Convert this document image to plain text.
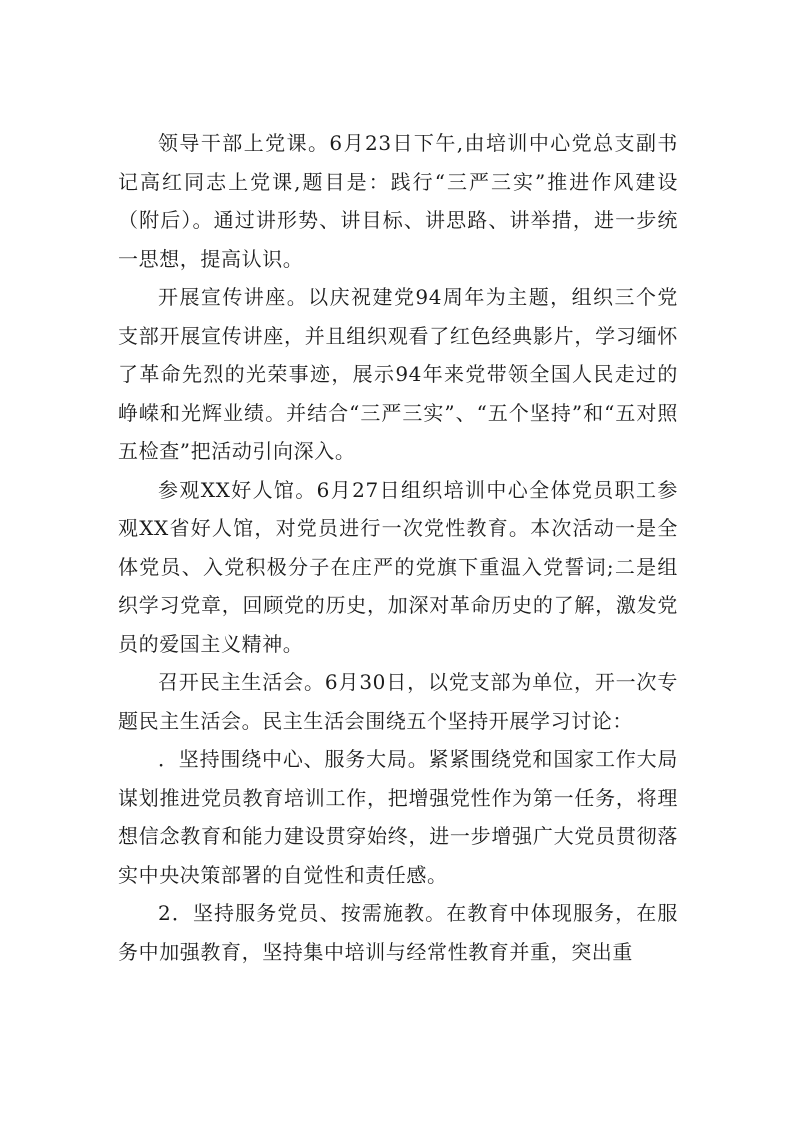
领导干部上党课。6月23日下午,由培训中心党总支副书记高红同志上党课,题目是：践行“三严三实”推进作风建设（附后）。通过讲形势、讲目标、讲思路、讲举措，进一步统一思想，提高认识。

开展宣传讲座。以庆祝建党94周年为主题，组织三个党支部开展宣传讲座，并且组织观看了红色经典影片，学习缅怀了革命先烈的光荣事迹，展示94年来党带领全国人民走过的峥嵘和光辉业绩。并结合“三严三实”、“五个坚持”和“五对照五检查”把活动引向深入。

参观XX好人馆。6月27日组织培训中心全体党员职工参观XX省好人馆，对党员进行一次党性教育。本次活动一是全体党员、入党积极分子在庄严的党旗下重温入党誓词;二是组织学习党章，回顾党的历史，加深对革命历史的了解，激发党员的爱国主义精神。

召开民主生活会。6月30日，以党支部为单位，开一次专题民主生活会。民主生活会围绕五个坚持开展学习讨论：

．坚持围绕中心、服务大局。紧紧围绕党和国家工作大局谋划推进党员教育培训工作，把增强党性作为第一任务，将理想信念教育和能力建设贯穿始终，进一步增强广大党员贯彻落实中央决策部署的自觉性和责任感。

2．坚持服务党员、按需施教。在教育中体现服务，在服务中加强教育，坚持集中培训与经常性教育并重，突出重
